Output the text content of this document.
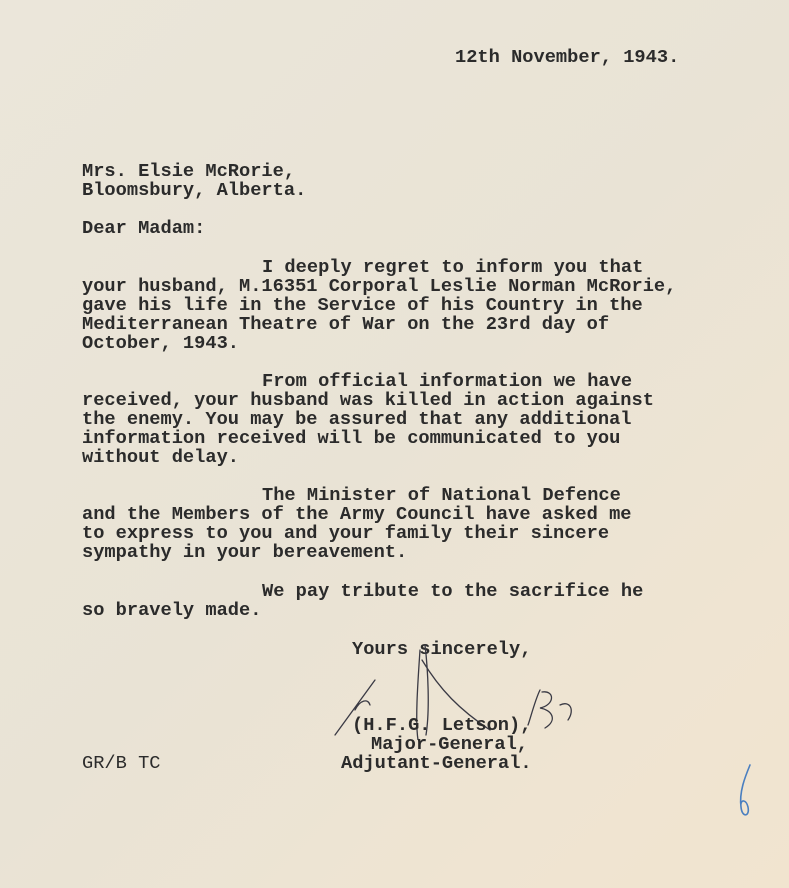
12th November, 1943.
Mrs. Elsie McRorie,
Bloomsbury, Alberta.
Dear Madam:
I deeply regret to inform you that
your husband, M.16351 Corporal Leslie Norman McRorie,
gave his life in the Service of his Country in the
Mediterranean Theatre of War on the 23rd day of
October, 1943.
From official information we have
received, your husband was killed in action against
the enemy. You may be assured that any additional
information received will be communicated to you
without delay.
The Minister of National Defence
and the Members of the Army Council have asked me
to express to you and your family their sincere
sympathy in your bereavement.
We pay tribute to the sacrifice he
so bravely made.
Yours sincerely,
(H.F.G. Letson),
Major-General,
Adjutant-General.
GR/B TC
